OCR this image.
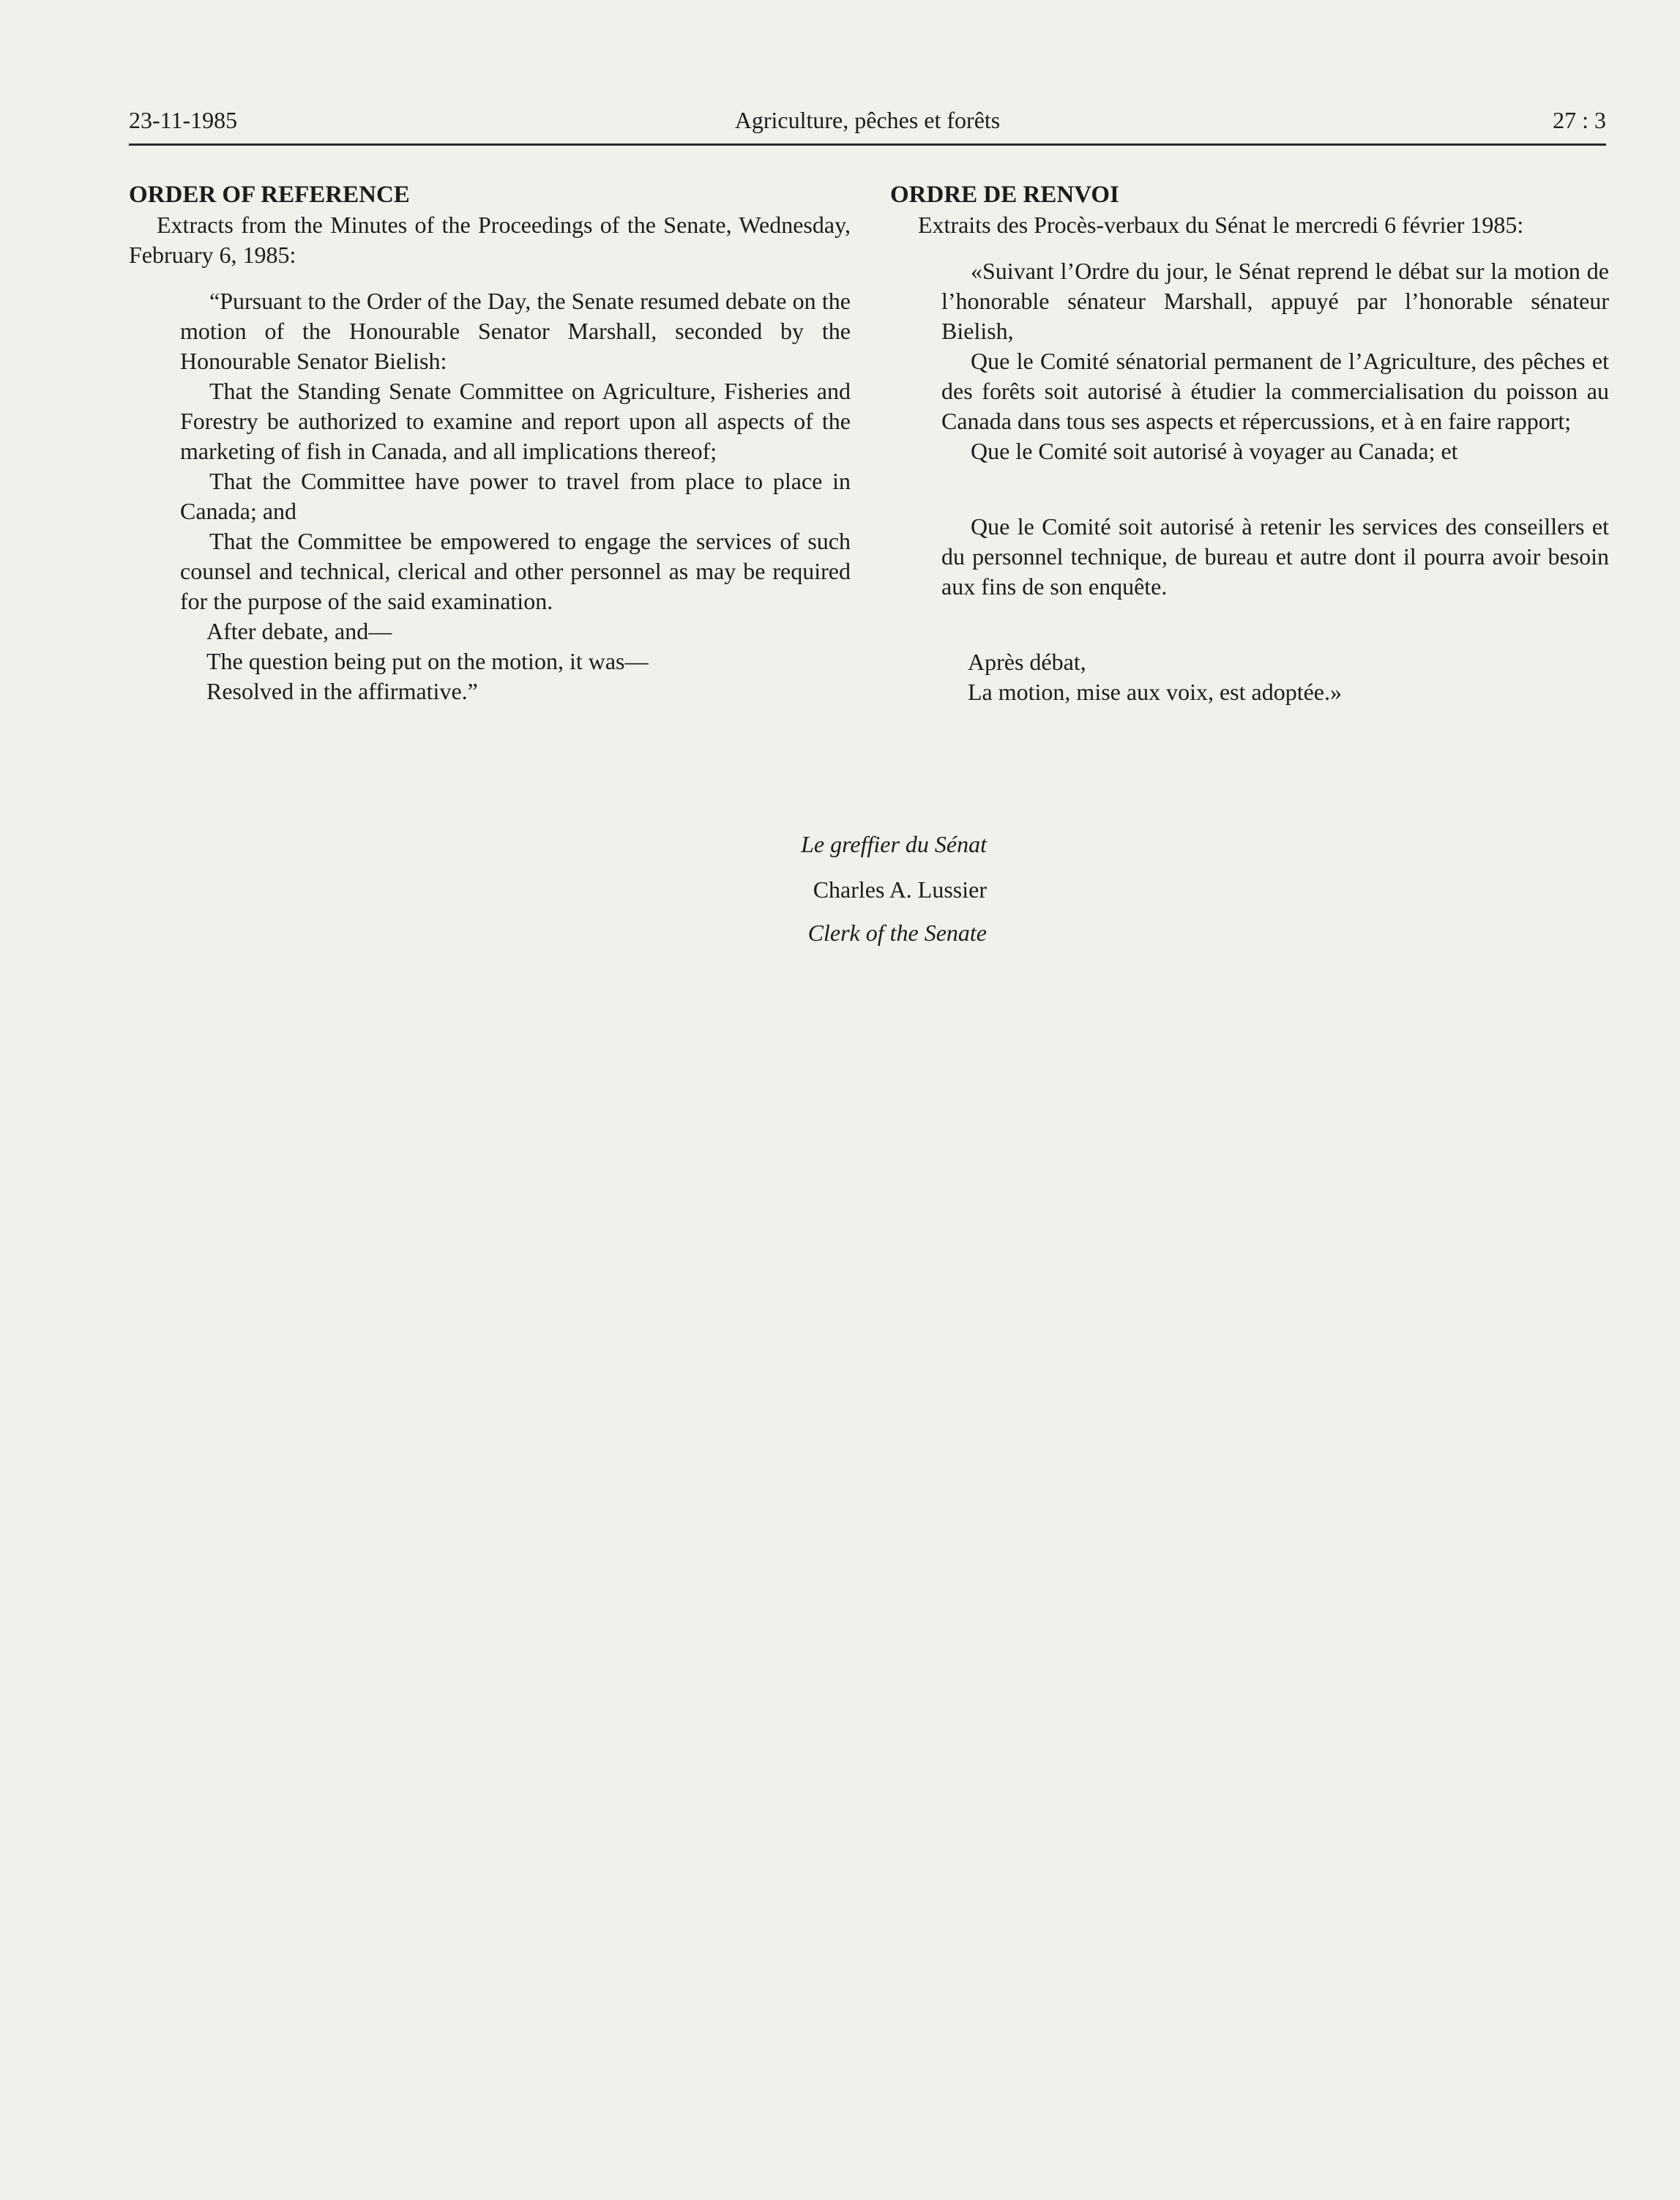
23-11-1985	Agriculture, pêches et forêts	27 : 3

ORDER OF REFERENCE

Extracts from the Minutes of the Proceedings of the Senate, Wednesday, February 6, 1985:

“Pursuant to the Order of the Day, the Senate resumed debate on the motion of the Honourable Senator Marshall, seconded by the Honourable Senator Bielish:

That the Standing Senate Committee on Agriculture, Fisheries and Forestry be authorized to examine and report upon all aspects of the marketing of fish in Canada, and all implications thereof;

That the Committee have power to travel from place to place in Canada; and

That the Committee be empowered to engage the services of such counsel and technical, clerical and other personnel as may be required for the purpose of the said examination.

After debate, and—

The question being put on the motion, it was—

Resolved in the affirmative.”

ORDRE DE RENVOI

Extraits des Procès-verbaux du Sénat le mercredi 6 février 1985:

«Suivant l’Ordre du jour, le Sénat reprend le débat sur la motion de l’honorable sénateur Marshall, appuyé par l’honorable sénateur Bielish,

Que le Comité sénatorial permanent de l’Agriculture, des pêches et des forêts soit autorisé à étudier la commercialisation du poisson au Canada dans tous ses aspects et répercussions, et à en faire rapport;

Que le Comité soit autorisé à voyager au Canada; et

Que le Comité soit autorisé à retenir les services des conseillers et du personnel technique, de bureau et autre dont il pourra avoir besoin aux fins de son enquête.

Après débat,

La motion, mise aux voix, est adoptée.»

Le greffier du Sénat
Charles A. Lussier
Clerk of the Senate
